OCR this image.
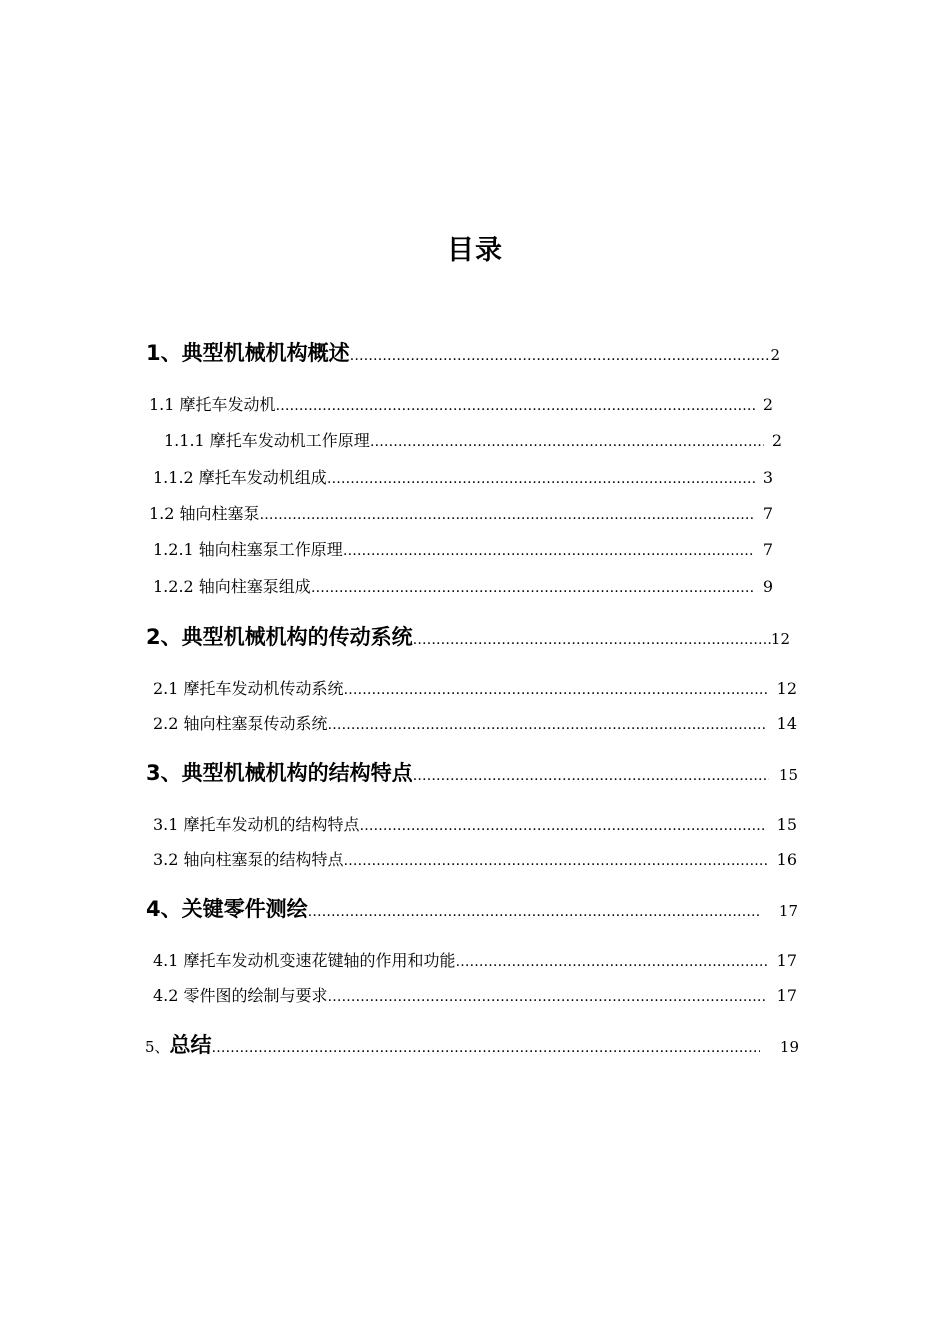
目录
1、典型机械机构概述 ……………………………………………………………………………………………………………………………………………………………………………………………………	2
1.1 摩托车发动机 ……………………………………………………………………………………………………………………………………………………………………………………………………	2
1.1.1 摩托车发动机工作原理 ……………………………………………………………………………………………………………………………………………………………………………………………………	2
1.1.2 摩托车发动机组成 ……………………………………………………………………………………………………………………………………………………………………………………………………	3
1.2 轴向柱塞泵 ……………………………………………………………………………………………………………………………………………………………………………………………………	7
1.2.1 轴向柱塞泵工作原理 ……………………………………………………………………………………………………………………………………………………………………………………………………	7
1.2.2 轴向柱塞泵组成 ……………………………………………………………………………………………………………………………………………………………………………………………………	9
2、典型机械机构的传动系统 ……………………………………………………………………………………………………………………………………………………………………………………………………	12
2.1 摩托车发动机传动系统 ……………………………………………………………………………………………………………………………………………………………………………………………………	12
2.2 轴向柱塞泵传动系统 ……………………………………………………………………………………………………………………………………………………………………………………………………	14
3、典型机械机构的结构特点 ……………………………………………………………………………………………………………………………………………………………………………………………………	15
3.1 摩托车发动机的结构特点 ……………………………………………………………………………………………………………………………………………………………………………………………………	15
3.2 轴向柱塞泵的结构特点 ……………………………………………………………………………………………………………………………………………………………………………………………………	16
4、关键零件测绘 ……………………………………………………………………………………………………………………………………………………………………………………………………	17
4.1 摩托车发动机变速花键轴的作用和功能 ……………………………………………………………………………………………………………………………………………………………………………………………………	17
4.2 零件图的绘制与要求 ……………………………………………………………………………………………………………………………………………………………………………………………………	17
5、总结 ……………………………………………………………………………………………………………………………………………………………………………………………………	19
